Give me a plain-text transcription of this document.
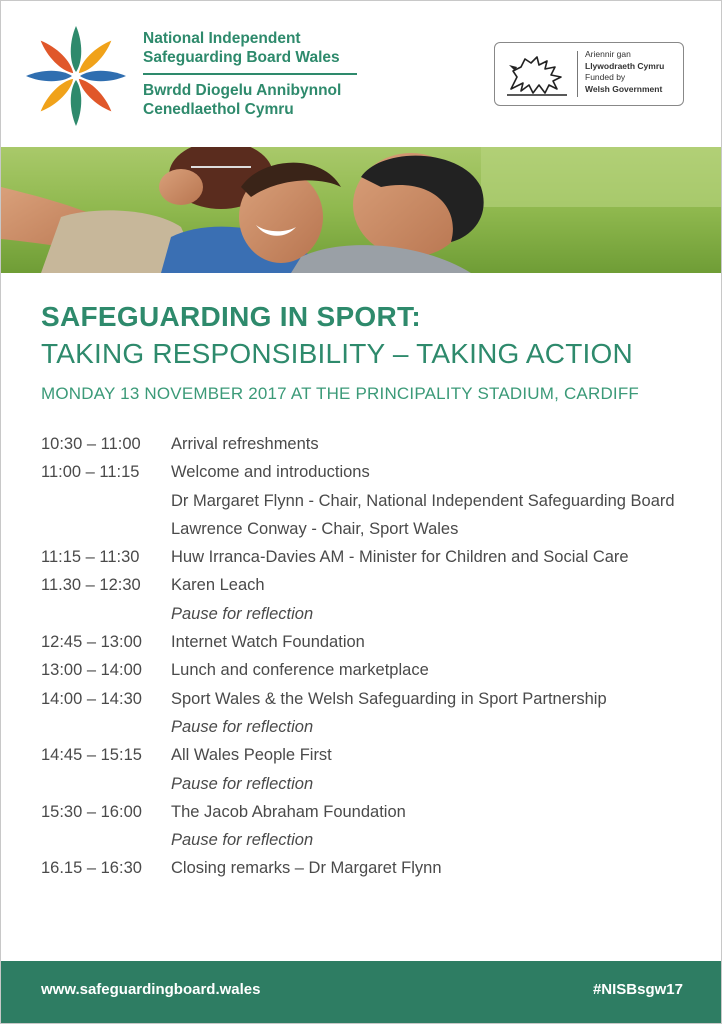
National Independent
Safeguarding Board Wales
Bwrdd Diogelu Annibynnol
Cenedlaethol Cymru
Ariennir gan
Llywodraeth Cymru
Funded by
Welsh Government
SAFEGUARDING IN SPORT:
TAKING RESPONSIBILITY – TAKING ACTION
MONDAY 13 NOVEMBER 2017 AT THE PRINCIPALITY STADIUM, CARDIFF
10:30 – 11:00	Arrival refreshments
11:00 – 11:15	Welcome and introductions
Dr Margaret Flynn - Chair, National Independent Safeguarding Board
Lawrence Conway - Chair, Sport Wales
11:15 – 11:30	Huw Irranca-Davies AM - Minister for Children and Social Care
11.30 – 12:30	Karen Leach
Pause for reflection
12:45 – 13:00	Internet Watch Foundation
13:00 – 14:00	Lunch and conference marketplace
14:00 – 14:30	Sport Wales & the Welsh Safeguarding in Sport Partnership
Pause for reflection
14:45 – 15:15	All Wales People First
Pause for reflection
15:30 – 16:00	The Jacob Abraham Foundation
Pause for reflection
16.15 – 16:30	Closing remarks – Dr Margaret Flynn
www.safeguardingboard.wales	#NISBsgw17
